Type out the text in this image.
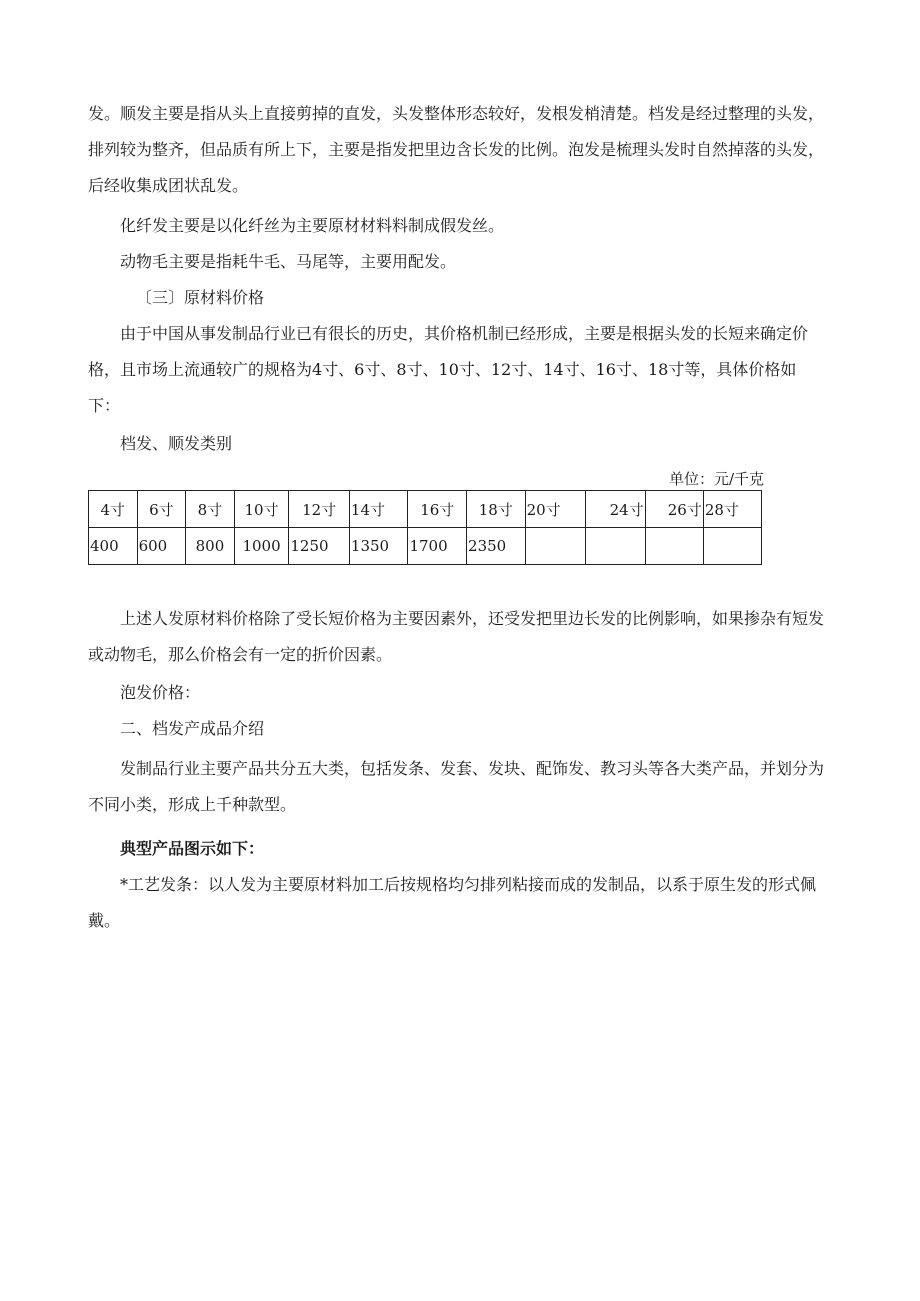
发。顺发主要是指从头上直接剪掉的直发，头发整体形态较好，发根发梢清楚。档发是经过整理的头发，排列较为整齐，但品质有所上下，主要是指发把里边含长发的比例。泡发是梳理头发时自然掉落的头发，后经收集成团状乱发。

化纤发主要是以化纤丝为主要原材材料料制成假发丝。

动物毛主要是指耗牛毛、马尾等，主要用配发。

〔三〕原材料价格

由于中国从事发制品行业已有很长的历史，其价格机制已经形成，主要是根据头发的长短来确定价格，且市场上流通较广的规格为4寸、6寸、8寸、10寸、12寸、14寸、16寸、18寸等，具体价格如下：

档发、顺发类别

单位：元/千克
4寸	6寸	8寸	10寸	12寸	14寸	16寸	18寸	20寸	24寸	26寸	28寸
400	600	800	1000	1250	1350	1700	2350				

上述人发原材料价格除了受长短价格为主要因素外，还受发把里边长发的比例影响，如果掺杂有短发或动物毛，那么价格会有一定的折价因素。

泡发价格：

二、档发产成品介绍

发制品行业主要产品共分五大类，包括发条、发套、发块、配饰发、教习头等各大类产品，并划分为不同小类，形成上千种款型。

典型产品图示如下：

*工艺发条：以人发为主要原材料加工后按规格均匀排列粘接而成的发制品，以系于原生发的形式佩戴。
